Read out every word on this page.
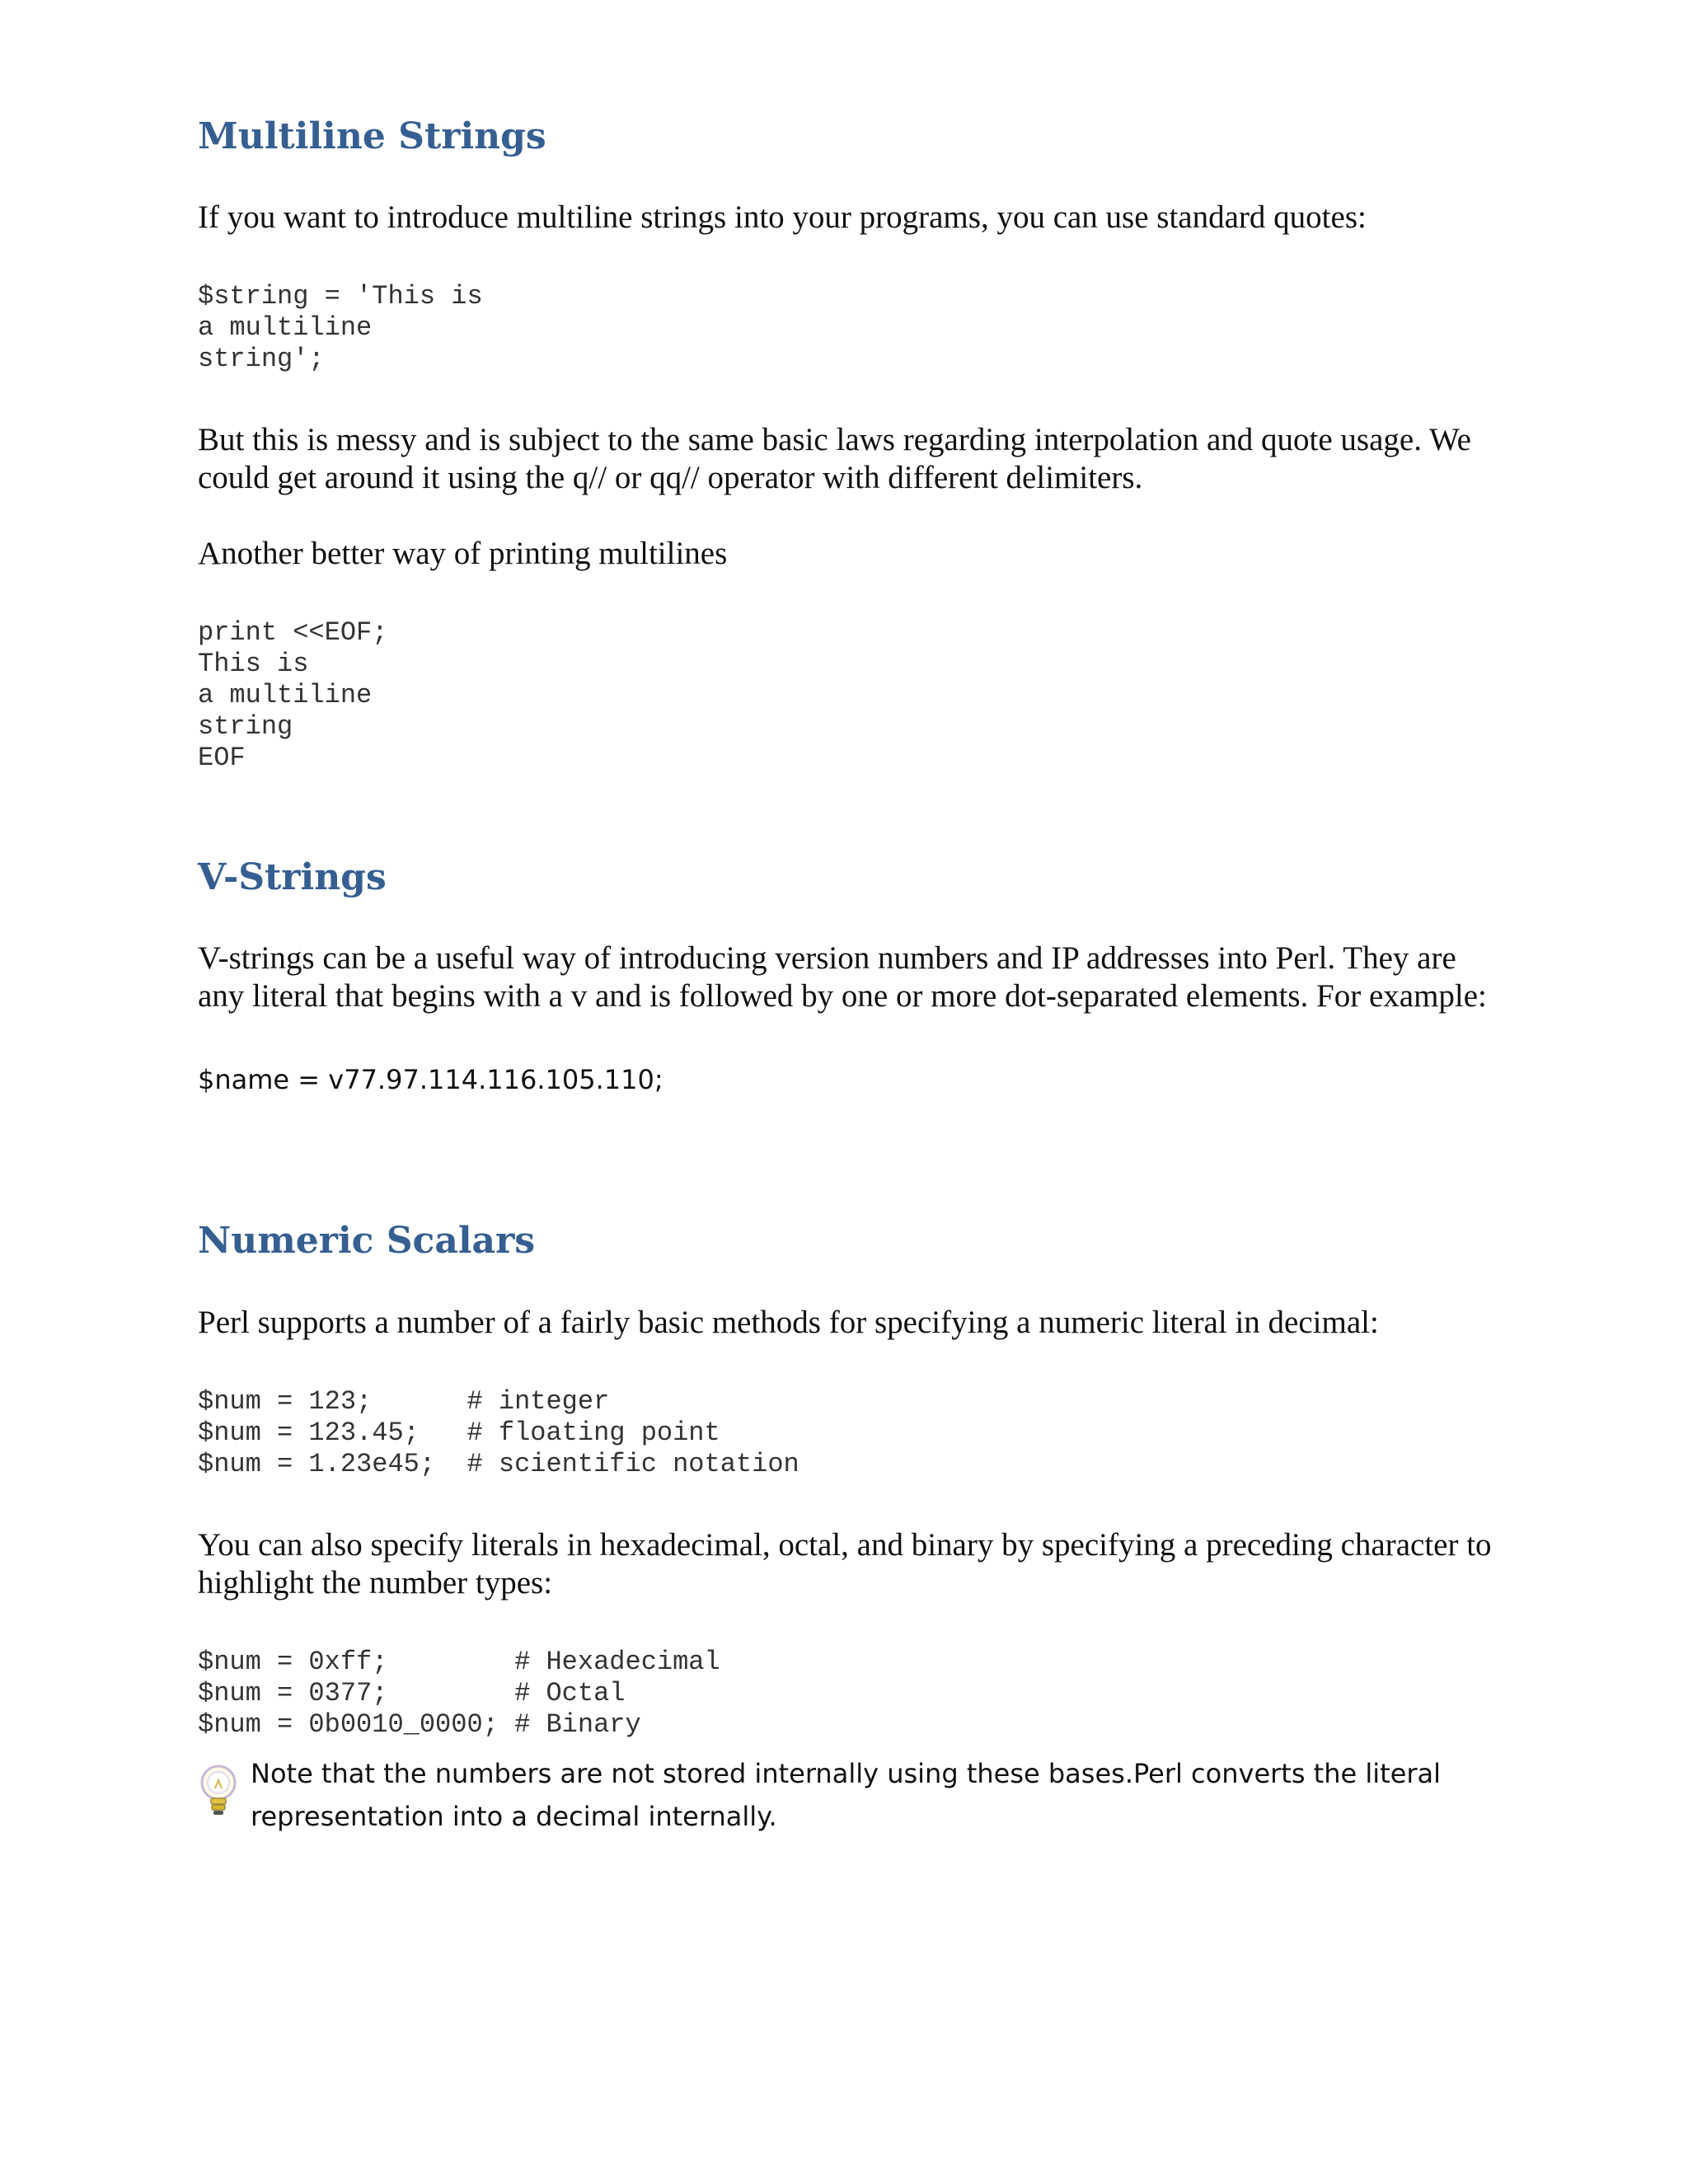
Multiline Strings

If you want to introduce multiline strings into your programs, you can use standard quotes:

$string = 'This is
a multiline
string';

But this is messy and is subject to the same basic laws regarding interpolation and quote usage. We could get around it using the q// or qq// operator with different delimiters.

Another better way of printing multilines

print <<EOF;
This is
a multiline
string
EOF
V-Strings

V-strings can be a useful way of introducing version numbers and IP addresses into Perl. They are any literal that begins with a v and is followed by one or more dot-separated elements. For example:

$name = v77.97.114.116.105.110;

Numeric Scalars

Perl supports a number of a fairly basic methods for specifying a numeric literal in decimal:

$num = 123;      # integer
$num = 123.45;   # floating point
$num = 1.23e45;  # scientific notation

You can also specify literals in hexadecimal, octal, and binary by specifying a preceding character to highlight the number types:

$num = 0xff;        # Hexadecimal
$num = 0377;        # Octal
$num = 0b0010_0000; # Binary
Note that the numbers are not stored internally using these bases.Perl converts the literal representation into a decimal internally.
